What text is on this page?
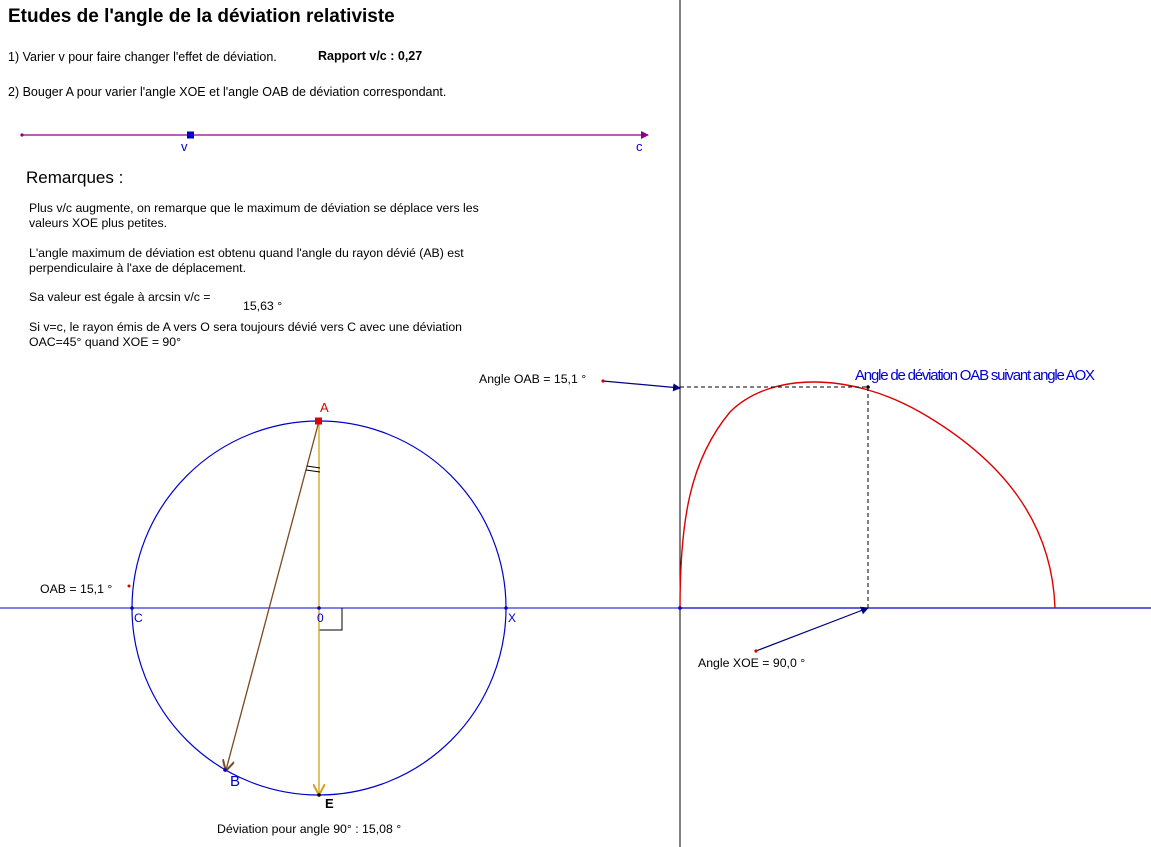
Etudes de l'angle de la déviation relativiste
1) Varier v pour faire changer l'effet de déviation.	Rapport v/c : 0,27
2) Bouger A pour varier l'angle XOE et l'angle OAB de déviation correspondant.
Remarques :
Plus v/c augmente, on remarque que le maximum de déviation se déplace vers les
valeurs XOE plus petites.
L'angle maximum de déviation est obtenu quand l'angle du rayon dévié (AB) est
perpendiculaire à l'axe de déplacement.
Sa valeur est égale à arcsin v/c =
15,63 °
Si v=c, le rayon émis de A vers O sera toujours dévié vers C avec une déviation
OAC=45° quand XOE = 90°
Angle OAB = 15,1 °
OAB = 15,1 °
Angle XOE = 90,0 °
Déviation pour angle 90° : 15,08 °
v	c
A
B
C	0	X
E
Angle de déviation OAB suivant angle AOX
